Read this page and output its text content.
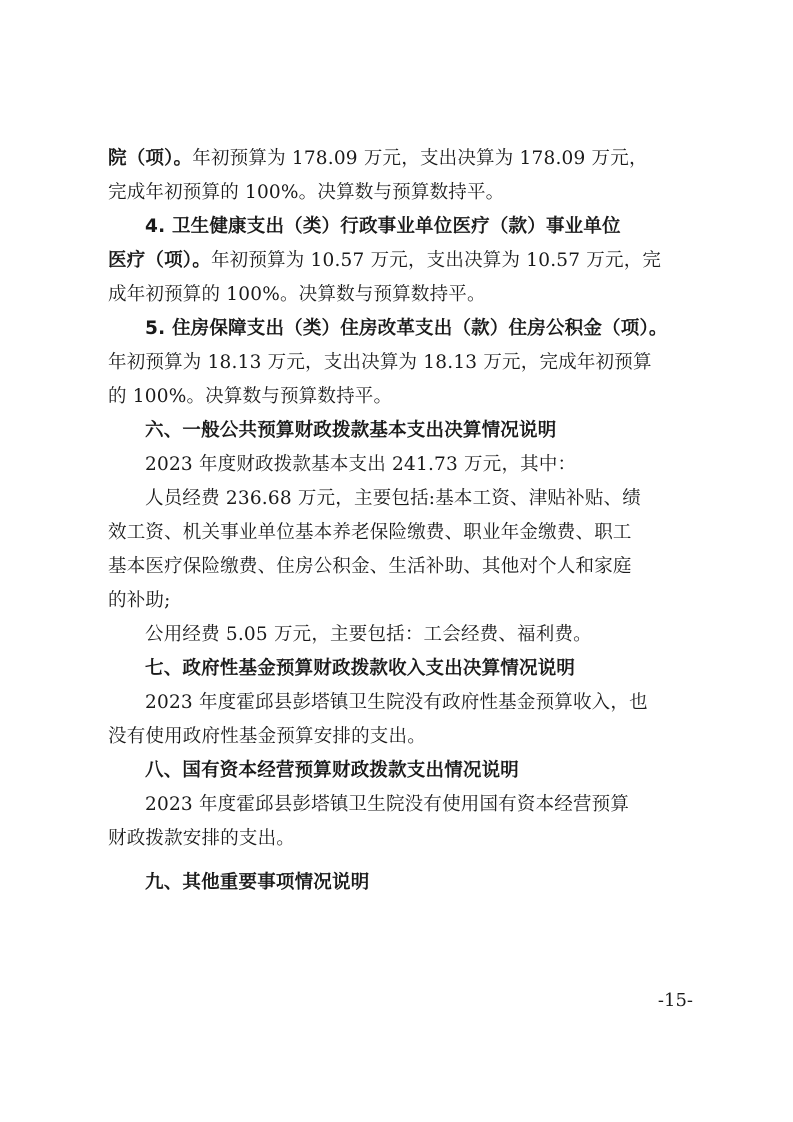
院（项）。年初预算为 178.09 万元，支出决算为 178.09 万元，
完成年初预算的 100%。决算数与预算数持平。
4. 卫生健康支出（类）行政事业单位医疗（款）事业单位
医疗（项）。年初预算为 10.57 万元，支出决算为 10.57 万元，完
成年初预算的 100%。决算数与预算数持平。
5. 住房保障支出（类）住房改革支出（款）住房公积金（项）。
年初预算为 18.13 万元，支出决算为 18.13 万元，完成年初预算
的 100%。决算数与预算数持平。
六、一般公共预算财政拨款基本支出决算情况说明
2023 年度财政拨款基本支出 241.73 万元，其中：
人员经费 236.68 万元，主要包括:基本工资、津贴补贴、绩
效工资、机关事业单位基本养老保险缴费、职业年金缴费、职工
基本医疗保险缴费、住房公积金、生活补助、其他对个人和家庭
的补助;
公用经费 5.05 万元，主要包括：工会经费、福利费。
七、政府性基金预算财政拨款收入支出决算情况说明
2023 年度霍邱县彭塔镇卫生院没有政府性基金预算收入，也
没有使用政府性基金预算安排的支出。
八、国有资本经营预算财政拨款支出情况说明
2023 年度霍邱县彭塔镇卫生院没有使用国有资本经营预算
财政拨款安排的支出。
九、其他重要事项情况说明
-15-
